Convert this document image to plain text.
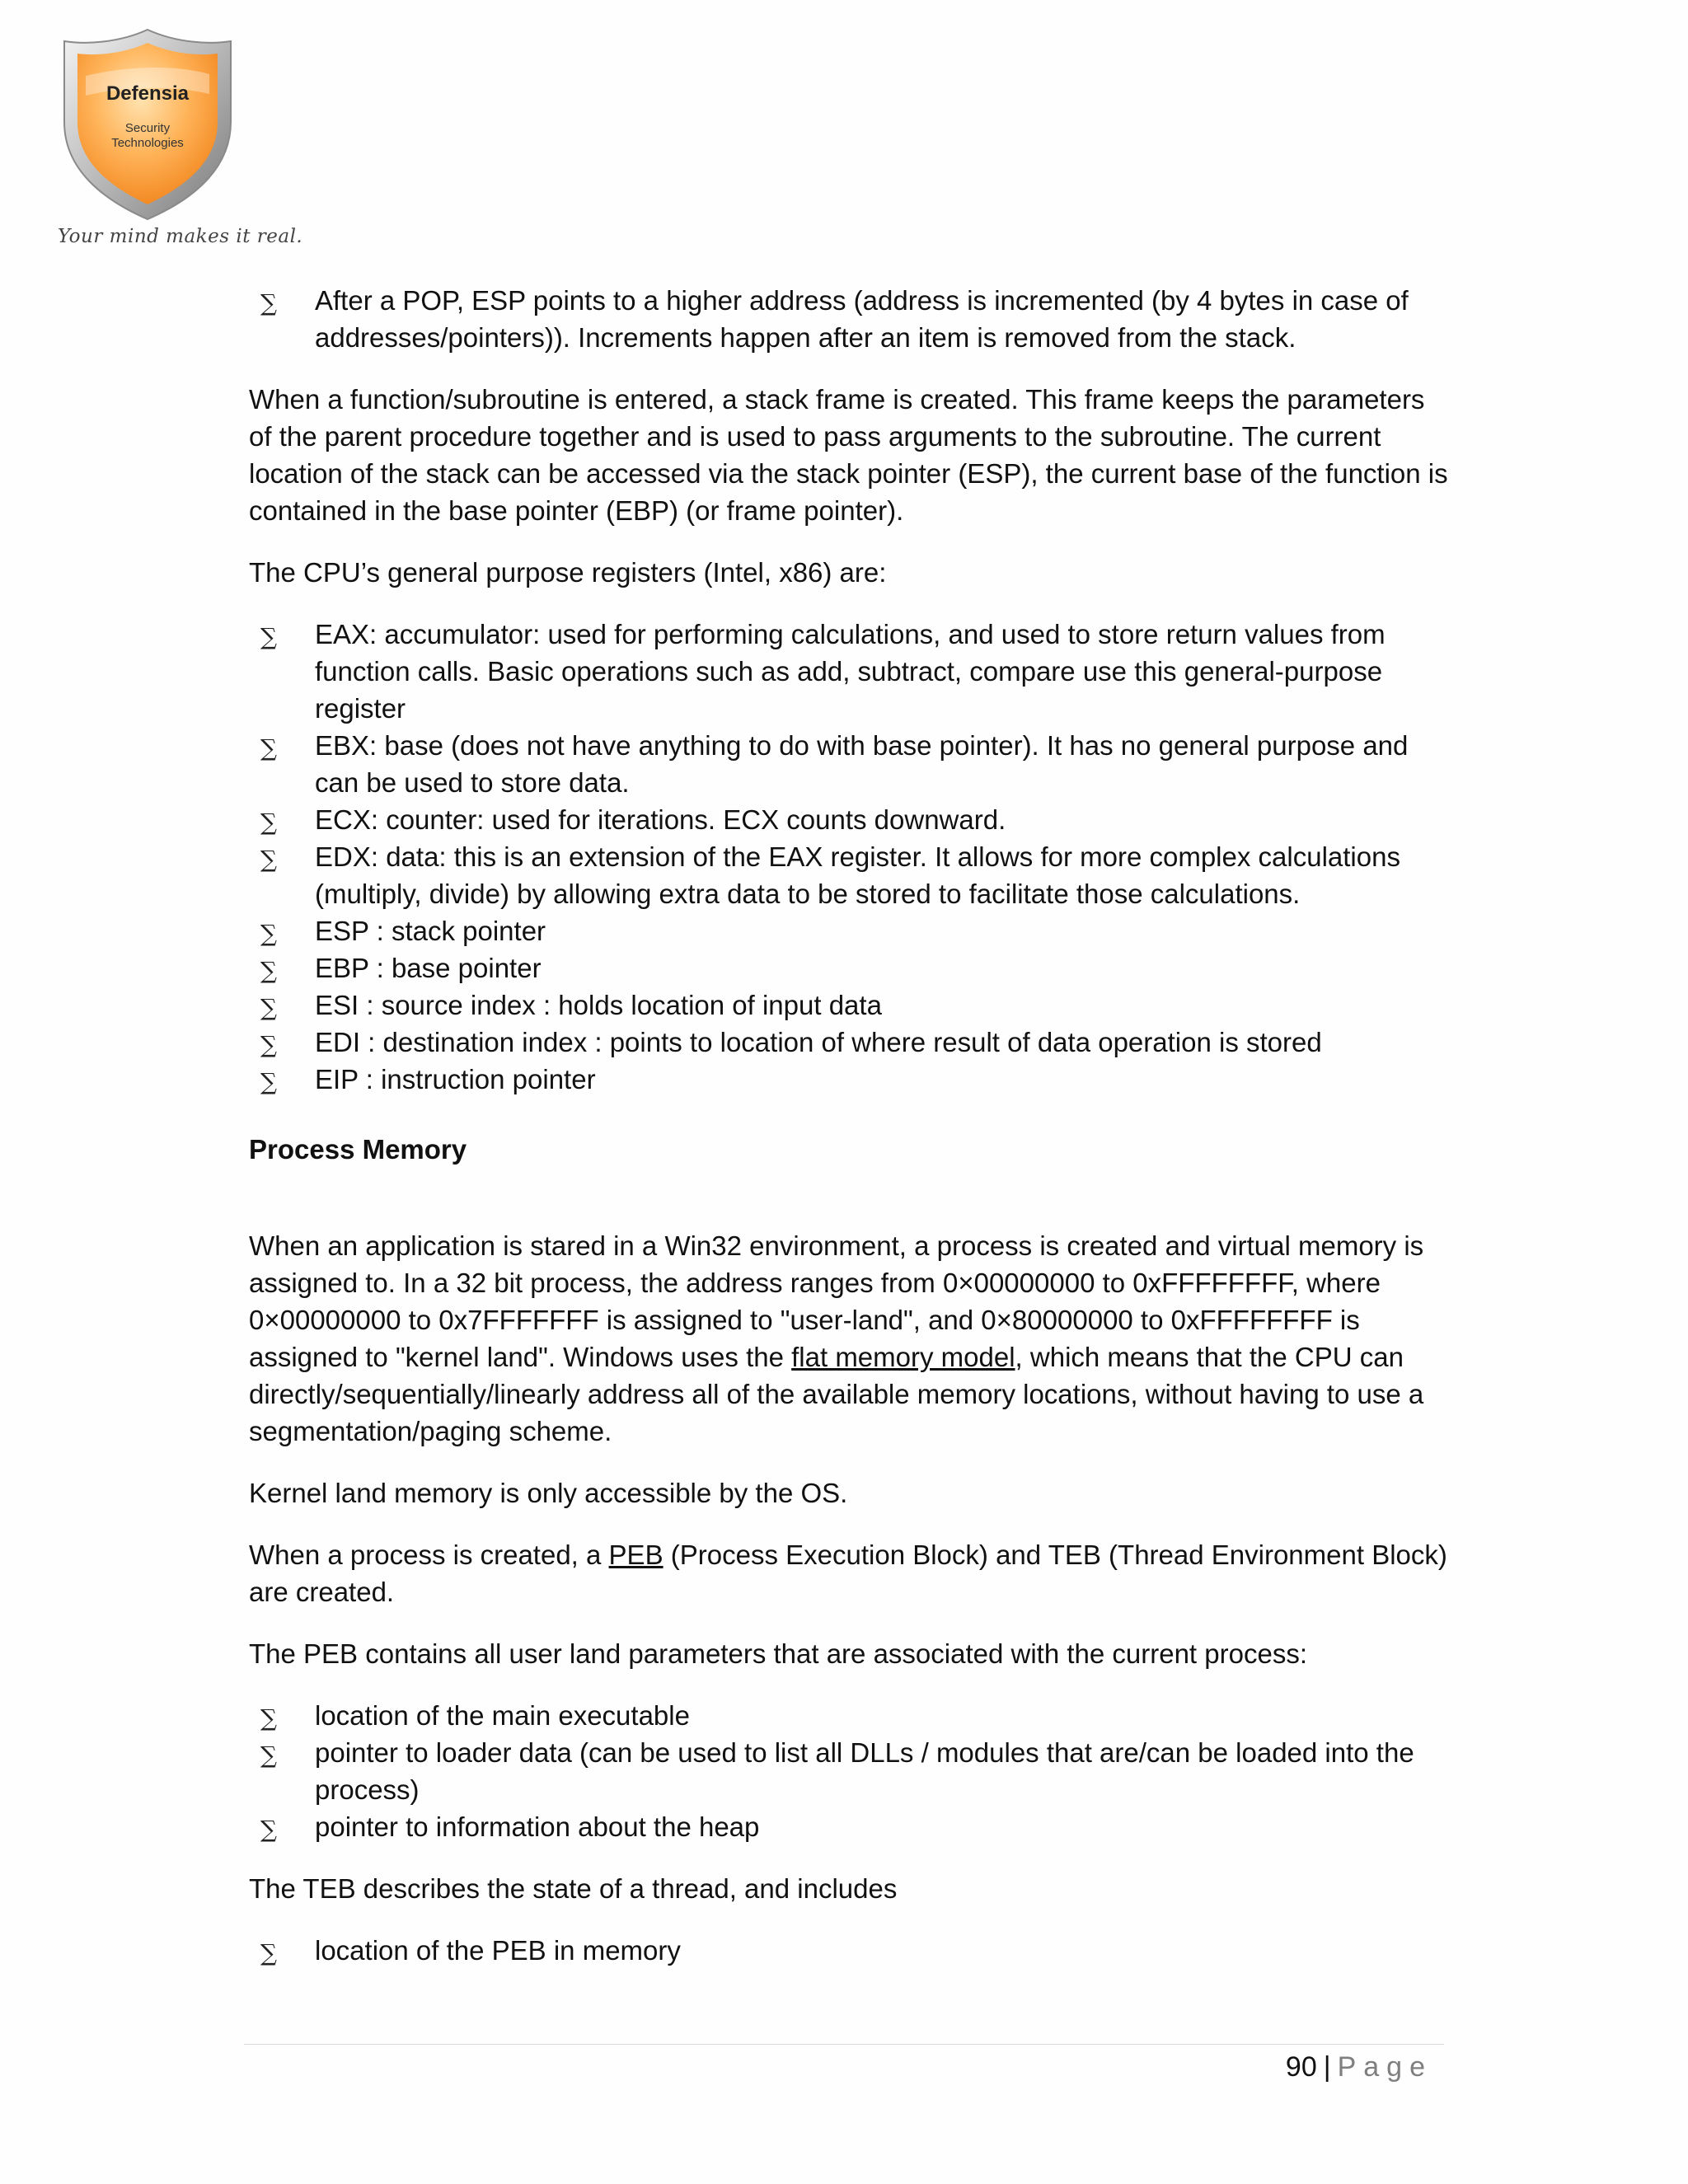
Defensia
Security
Technologies
Your mind makes it real.
∑ After a POP, ESP points to a higher address (address is incremented (by 4 bytes in case of addresses/pointers)). Increments happen after an item is removed from the stack.

When a function/subroutine is entered, a stack frame is created. This frame keeps the parameters of the parent procedure together and is used to pass arguments to the subroutine. The current location of the stack can be accessed via the stack pointer (ESP), the current base of the function is contained in the base pointer (EBP) (or frame pointer).

The CPU’s general purpose registers (Intel, x86) are:

∑ EAX: accumulator: used for performing calculations, and used to store return values from function calls. Basic operations such as add, subtract, compare use this general-purpose register
∑ EBX: base (does not have anything to do with base pointer). It has no general purpose and can be used to store data.
∑ ECX: counter: used for iterations. ECX counts downward.
∑ EDX: data: this is an extension of the EAX register. It allows for more complex calculations (multiply, divide) by allowing extra data to be stored to facilitate those calculations.
∑ ESP : stack pointer
∑ EBP : base pointer
∑ ESI : source index : holds location of input data
∑ EDI : destination index : points to location of where result of data operation is stored
∑ EIP : instruction pointer

Process Memory

When an application is stared in a Win32 environment, a process is created and virtual memory is assigned to. In a 32 bit process, the address ranges from 0×00000000 to 0xFFFFFFFF, where 0×00000000 to 0x7FFFFFFF is assigned to "user-land", and 0×80000000 to 0xFFFFFFFF is assigned to "kernel land". Windows uses the flat memory model, which means that the CPU can directly/sequentially/linearly address all of the available memory locations, without having to use a segmentation/paging scheme.

Kernel land memory is only accessible by the OS.

When a process is created, a PEB (Process Execution Block) and TEB (Thread Environment Block) are created.

The PEB contains all user land parameters that are associated with the current process:

∑ location of the main executable
∑ pointer to loader data (can be used to list all DLLs / modules that are/can be loaded into the process)
∑ pointer to information about the heap

The TEB describes the state of a thread, and includes

∑ location of the PEB in memory
90 | Page
